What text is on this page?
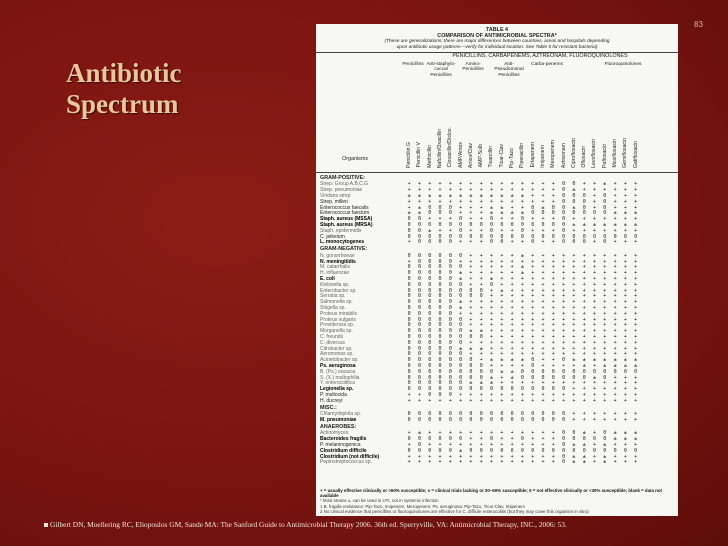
83
Antibiotic
Spectrum
TABLE 4
COMPARISON OF ANTIMICROBIAL SPECTRA*
(These are generalizations; there are major differences between countries, areas and hospitals depending
upon antibiotic usage patterns—verify for individual location. See Table 5 for resistant bacteria)
PENICILLINS, CARBAPENEMS, AZTREONAM, FLUOROQUINOLONES
Penicillins Anti-staphylo-coccal Penicillins
Amino-Penicillins
Anti-Pseudomonal Penicillins
Carba-penems	Fluoroquinolones
Organisms	Penicillin G Penicillin V Methicillin Nafcillin/Oxacillin Cloxacillin/Diclox. AMP/Amox Amox/Clav AMP-Sulb Ticarcillin Ticar-Clav Pip-Tazo Piperacillin Ertapenem Imipenem Meropenem Aztreonam Ciprofloxacin Ofloxacin Levofloxacin Pefloxacin Moxifloxacin Gemifloxacin Gatifloxacin
GRAM-POSITIVE:
Strep. Group A,B,C,G	+ + + + + + + + + + + + + + + 0 0 + + ± + + +
Strep. pneumoniae	+ + + + + + + + + + + + + + + 0 ± + + + + + +
Viridans strep	± ± ± ± ± ± ± ± ± ± ± ± + + + 0 0 0 + 0 + + +
Strep. milleri	+ + + + + + + + + + + + + + + 0 0 0 + 0 + + +
Enterococcus faecalis	+ ± 0 0 0 + + + ± ± + + 0 ± 0 0 ± 0 + 0 + + +
Enterococcus faecium	± ± 0 0 0 + + + ± ± ± ± 0 0 0 0 0 0 0 0 ± ± ±
Staph. aureus (MSSA)	0 0 + + + 0 + + 0 + + 0 + + + 0 + + + + + + +
Staph. aureus (MRSA)	0 0 0 0 0 0 0 0 0 0 0 0 0 0 0 0 ± ± ± ± ± ± ±
Staph. epidermidis	0 0 ± + + 0 + + 0 + + 0 + + + 0 + + + + + + +
C. jeikeium	0 0 0 0 0 0 0 0 0 0 0 0 0 0 0 0 0 0 0 0 0 0 0
L. monocytogenes	+ 0 0 0 0 + + + 0 0 + + 0 + + 0 0 0 + 0 + + +
GRAM-NEGATIVE:
N. gonorrhoeae	0 0 0 0 0 0 + + + + + ± + + + + + + + + + + +
N. meningitidis	+ 0 0 0 0 + + + + + + + + + + + + + + + + + +
M. catarrhalis	0 0 0 0 0 0 + + + + + ± + + + + + + + + + + +
H. influenzae	0 0 0 0 0 ± + + + + + ± + + + + + + + + + + +
E. coli	0 0 0 0 0 ± + + ± + + + + + + + + + + + + + +
Klebsiella sp.	0 0 0 0 0 0 + + 0 + + + + + + + + + + + + + +
Enterobacter sp.	0 0 0 0 0 0 0 0 + ± + + + + + + + + + + + + +
Serratia sp.	0 0 0 0 0 0 0 0 + + + + + + + + + + + + + + +
Salmonella sp.	0 0 0 0 0 ± + + + + + + + + + + + + + + + + +
Shigella sp.	0 0 0 0 0 ± + + + + + + + + + + + + + + + + +
Proteus mirabilis	0 0 0 0 0 + + + + + + + + + + + + + + + + + +
Proteus vulgaris	0 0 0 0 0 0 + + + + + + + + + + + + + + + + +
Providencia sp.	0 0 0 0 0 0 + + + + + + + + + + + + + + + + +
Morganella sp.	0 0 0 0 0 0 ± ± + + + + + + + + + + + + + + +
C. freundii	0 0 0 0 0 0 0 0 + + + + + + + + + + + + + + +
C. diversus	0 0 0 0 0 0 + + + + + + + + + + + + + + + + +
Citrobacter sp.	0 0 0 0 0 ± ± ± + + + + + + + + + + + + + + +
Aeromonas sp.	0 0 0 0 0 0 + + + + + + + + + + + + + + + + +
Acinetobacter sp.	0 0 0 0 0 0 0 + ± ± ± ± 0 + + 0 ± ± ± ± ± ± ±
Ps. aeruginosa	0 0 0 0 0 0 0 0 + + + + 0 + + + + ± + ± ± ± ±
B. (Ps.) cepacia	0 0 0 0 0 0 0 0 0 ± ± 0 0 0 0 0 0 0 0 0 0 0 0
S. (X.) maltophilia	0 0 0 0 0 0 0 0 ± + ± 0 0 0 0 0 0 0 ± 0 + + +
Y. enterocolitica	0 0 0 0 0 0 ± ± ± + + + + + + + + + + + + + +
Legionella sp.	0 0 0 0 0 0 0 0 0 0 0 0 0 0 0 0 + + + + + + +
P. multocida	+ + 0 0 0 + + + + + + + + + + + + + + + + + +
H. ducreyi	+ + + + + + + + + + + + + + + + + + + + + + +
MISC.:
Chlamydophila sp.	0 0 0 0 0 0 0 0 0 0 0 0 0 0 0 0 + + + + + + +
M. pneumoniae	0 0 0 0 0 0 0 0 0 0 0 0 0 0 0 0 + + + + + + +
ANAEROBES:
Actinomyces	+ ± + + + + + + + + + + + + + 0 0 ± + 0 ± ± ±
Bacteroides fragilis	0 0 0 0 0 0 + + 0 + + 0 + + + 0 0 0 0 0 ± ± ±
P. melaninogenica	+ 0 + + + + + + + + + + + + + 0 ± ± + ± + + +
Clostridium difficile	0 0 0 0 0 ± 0 0 0 0 0 0 0 0 0 0 0 0 0 0 0 0 0
Clostridium (not difficile)	+ + + + + + + + + + + + + + + 0 ± ± + ± + + +
Peptostreptococcus sp.	+ + + + + + + + + + + + + + + 0 ± ± + ± + + +
+ = usually effective clinically or >60% susceptible; ± = clinical trials lacking or 30–60% susceptible; 0 = not effective clinically or <30% susceptible; blank = data not available
* Most strains ±, can be used in UTI, not in systemic infection
1 B. fragilis resistance: Pip-Tazo, Imipenem, Meropenem; Ps. aeruginosa: Pip-Tazo, Ticar-Clav, Imipenem
2 No clinical evidence that penicillins or fluoroquinolones are effective for C. difficile enterocolitis (but they may cover this organism in vitro)
Gilbert DN, Moellering RC, Eliopoulos GM, Sande MA: The Sanford Guide to Antimicrobial Therapy 2006. 36th ed. Sperryville, VA: Antimicrobial Therapy, INC., 2006: 53.
